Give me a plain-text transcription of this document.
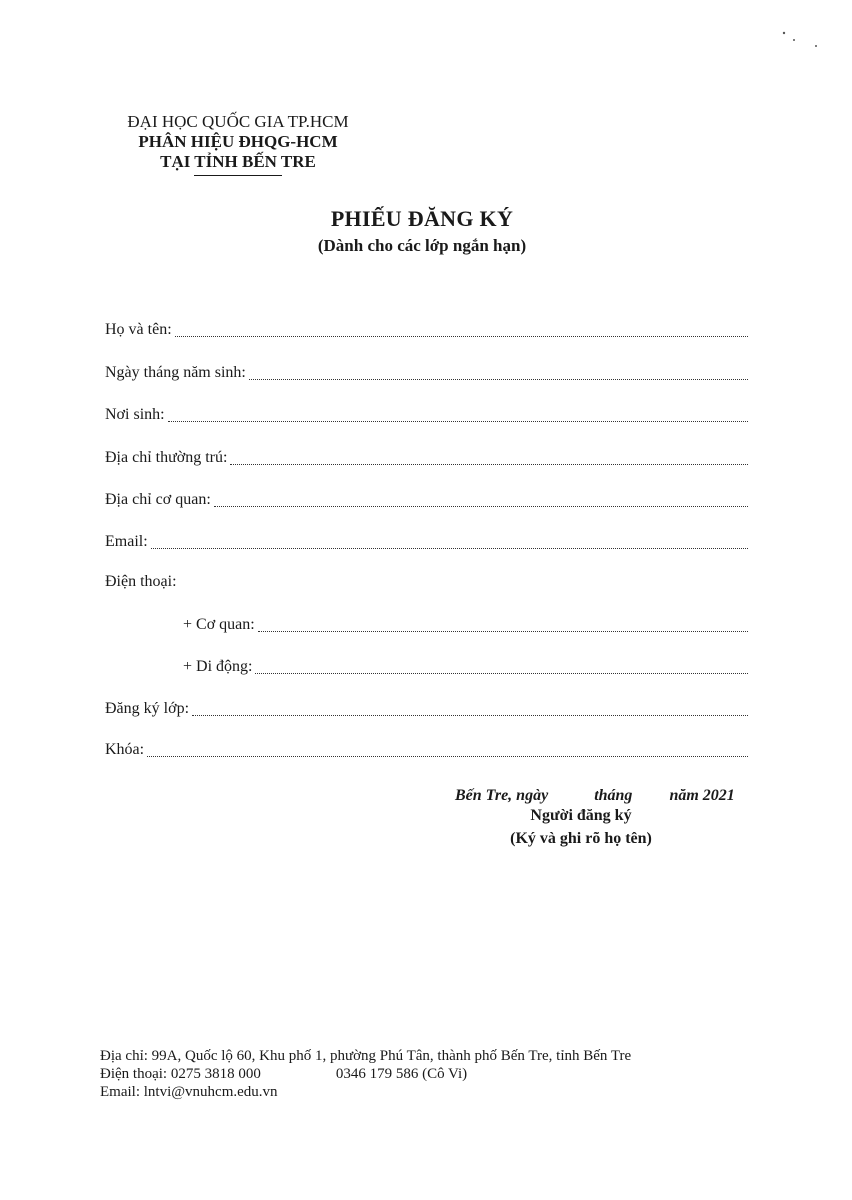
ĐẠI HỌC QUỐC GIA TP.HCM
PHÂN HIỆU ĐHQG-HCM
TẠI TỈNH BẾN TRE
PHIẾU ĐĂNG KÝ
(Dành cho các lớp ngắn hạn)
Họ và tên:
Ngày tháng năm sinh:
Nơi sinh:
Địa chỉ thường trú:
Địa chỉ cơ quan:
Email:
Điện thoại:
+ Cơ quan:
+ Di động:
Đăng ký lớp:
Khóa:
Bến Tre, ngày	tháng năm 2021
Người đăng ký
(Ký và ghi rõ họ tên)
Địa chỉ: 99A, Quốc lộ 60, Khu phố 1, phường Phú Tân, thành phố Bến Tre, tỉnh Bến Tre
Điện thoại: 0275 3818 000	0346 179 586 (Cô Vi)
Email: lntvi@vnuhcm.edu.vn
